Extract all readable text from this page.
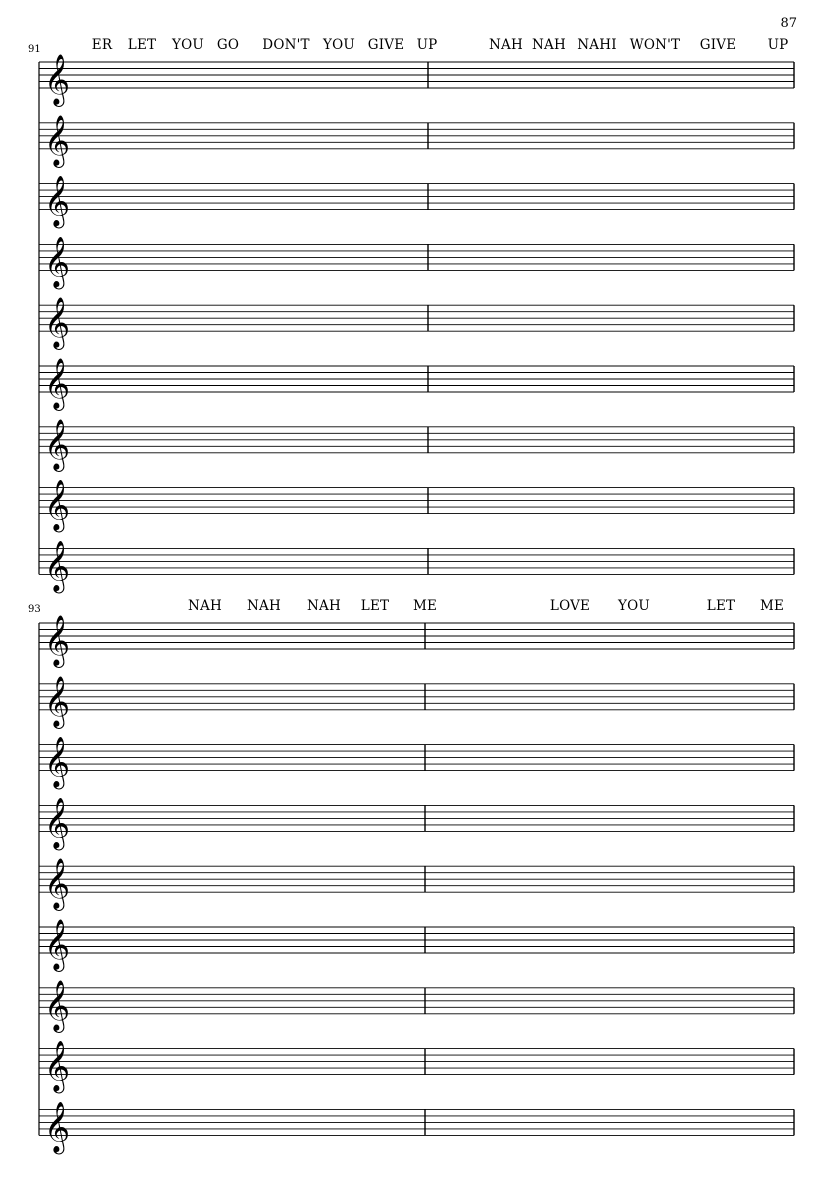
87
91
93
ER LET YOU GO DON'T YOU GIVE UP	NAH NAH NAHI WON'T GIVE UP
NAH NAH NAH LET ME	LOVE YOU	LET ME
𝄞
𝄞
𝄞
𝄞
𝄞
𝄞
𝄞
𝄞
𝄞
𝄞
𝄞
𝄞
𝄞
𝄞
𝄞
𝄞
𝄞
𝄞
